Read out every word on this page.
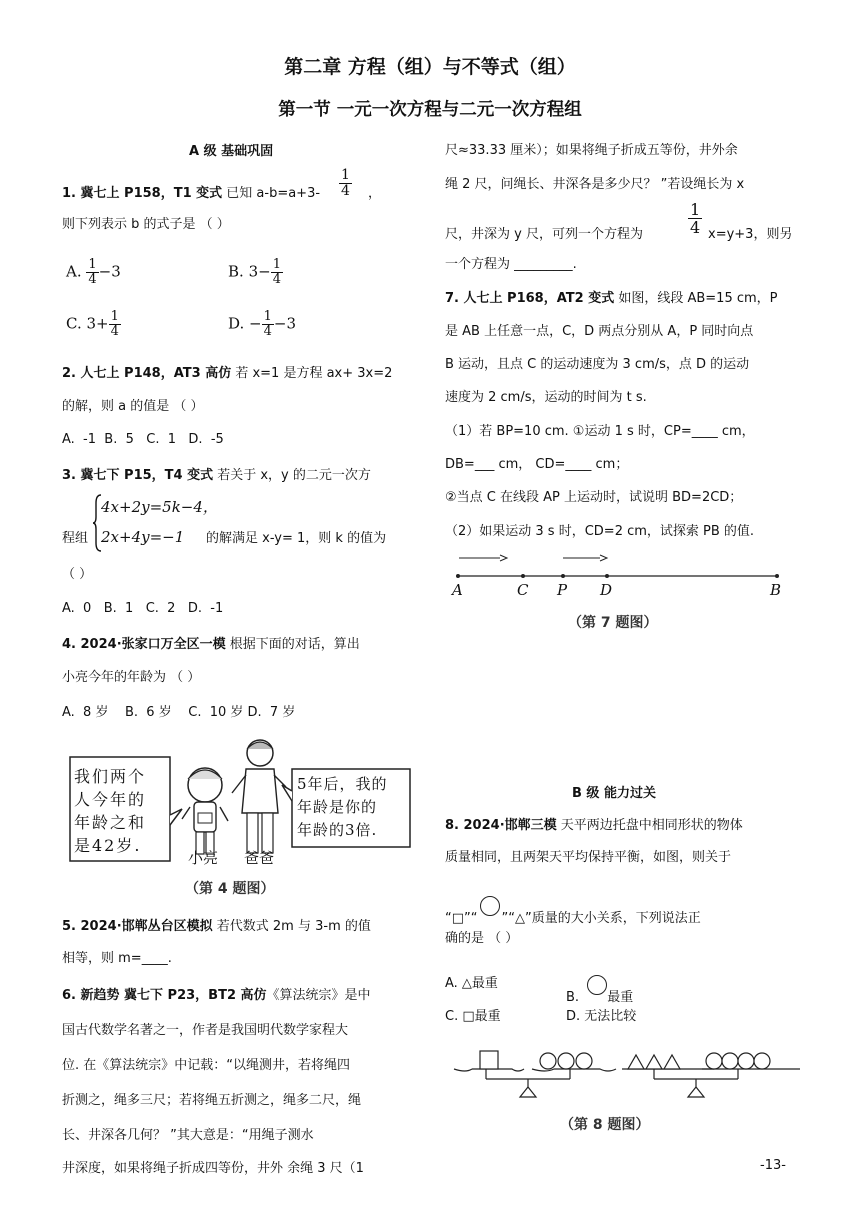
第二章 方程（组）与不等式（组）
第一节 一元一次方程与二元一次方程组
A 级 基础巩固
1. 冀七上 P158，T1 变式 已知 $a-b=a+3- \frac{1}{4}$ ，
则下列表示 b 的式子是 （ ）
A. $\frac{1}{4} -3$	B. $3- \frac{1}{4}$
C. $3+ \frac{1}{4}$	D. − $\frac{1}{4} -3$
2. 人七上 P148，AT3 高仿 若 x=1 是方程 ax+ 3x=2
的解，则 a 的值是 （ ）
A.  -1  B.  5   C.  1   D.  -5
3. 冀七下 P15，T4 变式 若关于 x，y 的二元一次方
程组
4x+2y=5k−4，
2x+4y=−1 的解满足 x-y= 1，则 k 的值为
（ ）
A.  0   B.  1   C.  2   D.  -1
4. 2024·张家口万全区一模 根据下面的对话，算出
小亮今年的年龄为 （ ）
A.  8 岁    B.  6 岁    C.  10 岁 D.  7 岁
我们两个
人今年的
年龄之和
是42岁.
5年后，我的
年龄是你的
年龄的3倍.
小亮 爸爸
（第 4 题图）
5. 2024·邯郸丛台区模拟 若代数式 2m 与 3-m 的值
相等，则 m=____.
6. 新趋势 冀七下 P23，BT2 高仿《算法统宗》是中
国古代数学名著之一，作者是我国明代数学家程大
位. 在《算法统宗》中记载：“以绳测井，若将绳四
折测之，绳多三尺；若将绳五折测之，绳多二尺，绳
长、井深各几何？ ”其大意是：“用绳子测水
井深度，如果将绳子折成四等份，井外 余绳 3 尺（1
尺≈33.33 厘米）；如果将绳子折成五等份，井外余
绳 2 尺，问绳长、井深各是多少尺？ ”若设绳长为 x
尺，井深为 y 尺，可列一个方程为	$\frac{1}{4} x=y+3$，则另
一个方程为 _________.
7. 人七上 P168，AT2 变式 如图，线段 AB=15 cm，P
是 AB 上任意一点，C，D 两点分别从 A，P 同时向点
B 运动，且点 C 的运动速度为 3 cm/s，点 D 的运动
速度为 2 cm/s，运动的时间为 t s.
（1）若 BP=10 cm. ①运动 1 s 时，CP=____ cm，
DB=___ cm， CD=____ cm；
②当点 C 在线段 AP 上运动时，试说明 BD=2CD；
（2）如果运动 3 s 时，CD=2 cm，试探索 PB 的值.
A	C P D	B
（第 7 题图）
B 级 能力过关
8. 2024·邯郸三模 天平两边托盘中相同形状的物体
质量相同，且两架天平均保持平衡，如图，则关于
“□”“ ”“△”质量的大小关系，下列说法正
确的是 （ ）
A. △最重
B. 最重
C. □最重	D. 无法比较
（第 8 题图）
-13-
